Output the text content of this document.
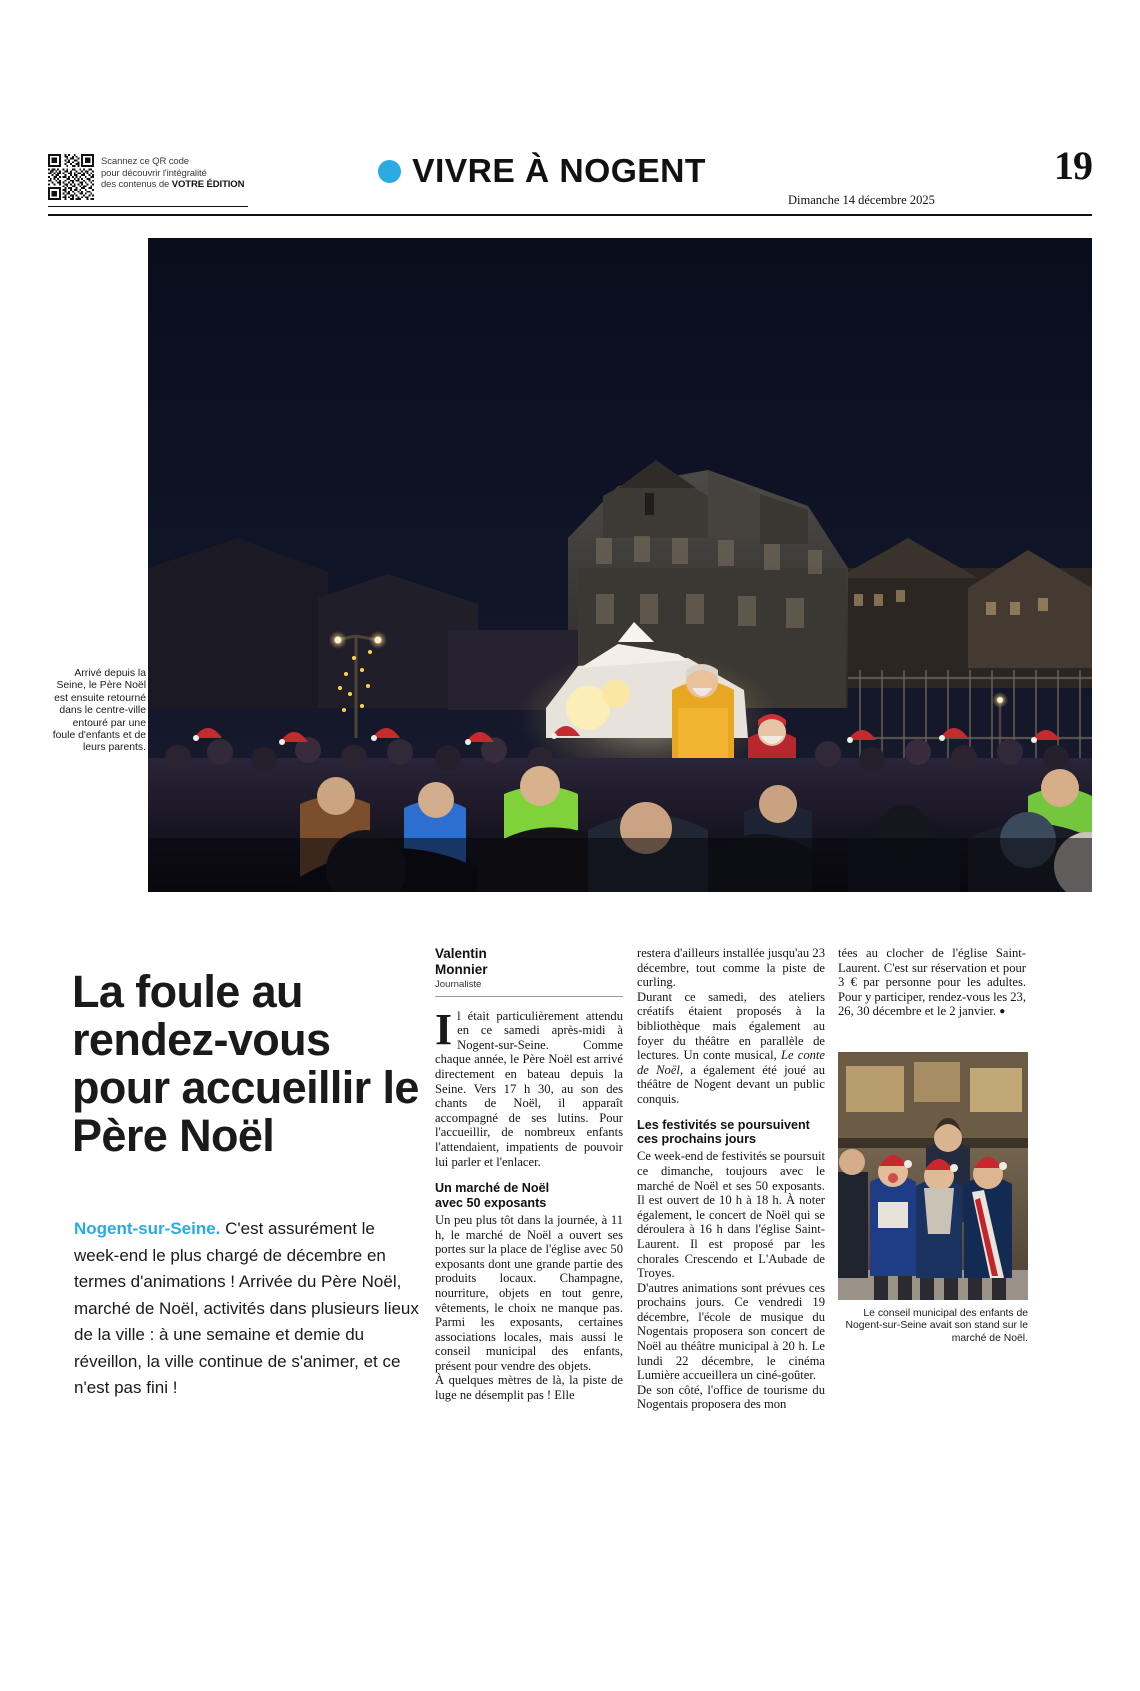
Scannez ce QR code
pour découvrir l'intégralité
des contenus de VOTRE ÉDITION	VIVRE À NOGENT
Dimanche 14 décembre 2025
19
Arrivé depuis la Seine, le Père Noël est ensuite retourné dans le centre-ville entouré par une foule d'enfants et de leurs parents.
La foule au rendez-vous pour accueillir le Père Noël
Nogent-sur-Seine. C'est assurément le week-end le plus chargé de décembre en termes d'animations ! Arrivée du Père Noël, marché de Noël, activités dans plusieurs lieux de la ville : à une semaine et demie du réveillon, la ville continue de s'animer, et ce n'est pas fini !
Valentin
Monnier
Journaliste

Il était particulièrement attendu en ce samedi après-midi à Nogent-sur-Seine. Comme chaque année, le Père Noël est arrivé directement en bateau depuis la Seine. Vers 17 h 30, au son des chants de Noël, il apparaît accompagné de ses lutins. Pour l'accueillir, de nombreux enfants l'attendaient, impatients de pouvoir lui parler et l'enlacer.

Un marché de Noël
avec 50 exposants

Un peu plus tôt dans la journée, à 11 h, le marché de Noël a ouvert ses portes sur la place de l'église avec 50 exposants dont une grande partie des produits locaux. Champagne, nourriture, objets en tout genre, vêtements, le choix ne manque pas. Parmi les exposants, certaines associations locales, mais aussi le conseil municipal des enfants, présent pour vendre des objets.

À quelques mètres de là, la piste de luge ne désemplit pas ! Elle

restera d'ailleurs installée jusqu'au 23 décembre, tout comme la piste de curling.

Durant ce samedi, des ateliers créatifs étaient proposés à la bibliothèque mais également au foyer du théâtre en parallèle de lectures. Un conte musical, Le conte de Noël, a également été joué au théâtre de Nogent devant un public conquis.

Les festivités se poursuivent
ces prochains jours

Ce week-end de festivités se poursuit ce dimanche, toujours avec le marché de Noël et ses 50 exposants. Il est ouvert de 10 h à 18 h. À noter également, le concert de Noël qui se déroulera à 16 h dans l'église Saint-Laurent. Il est proposé par les chorales Crescendo et L'Aubade de Troyes.

D'autres animations sont prévues ces prochains jours. Ce vendredi 19 décembre, l'école de musique du Nogentais proposera son concert de Noël au théâtre municipal à 20 h. Le lundi 22 décembre, le cinéma Lumière accueillera un ciné-goûter.

De son côté, l'office de tourisme du Nogentais proposera des mon

tées au clocher de l'église Saint-Laurent. C'est sur réservation et pour 3 € par personne pour les adultes. Pour y participer, rendez-vous les 23, 26, 30 décembre et le 2 janvier. ●

Le conseil municipal des enfants de Nogent-sur-Seine avait son stand sur le marché de Noël.
